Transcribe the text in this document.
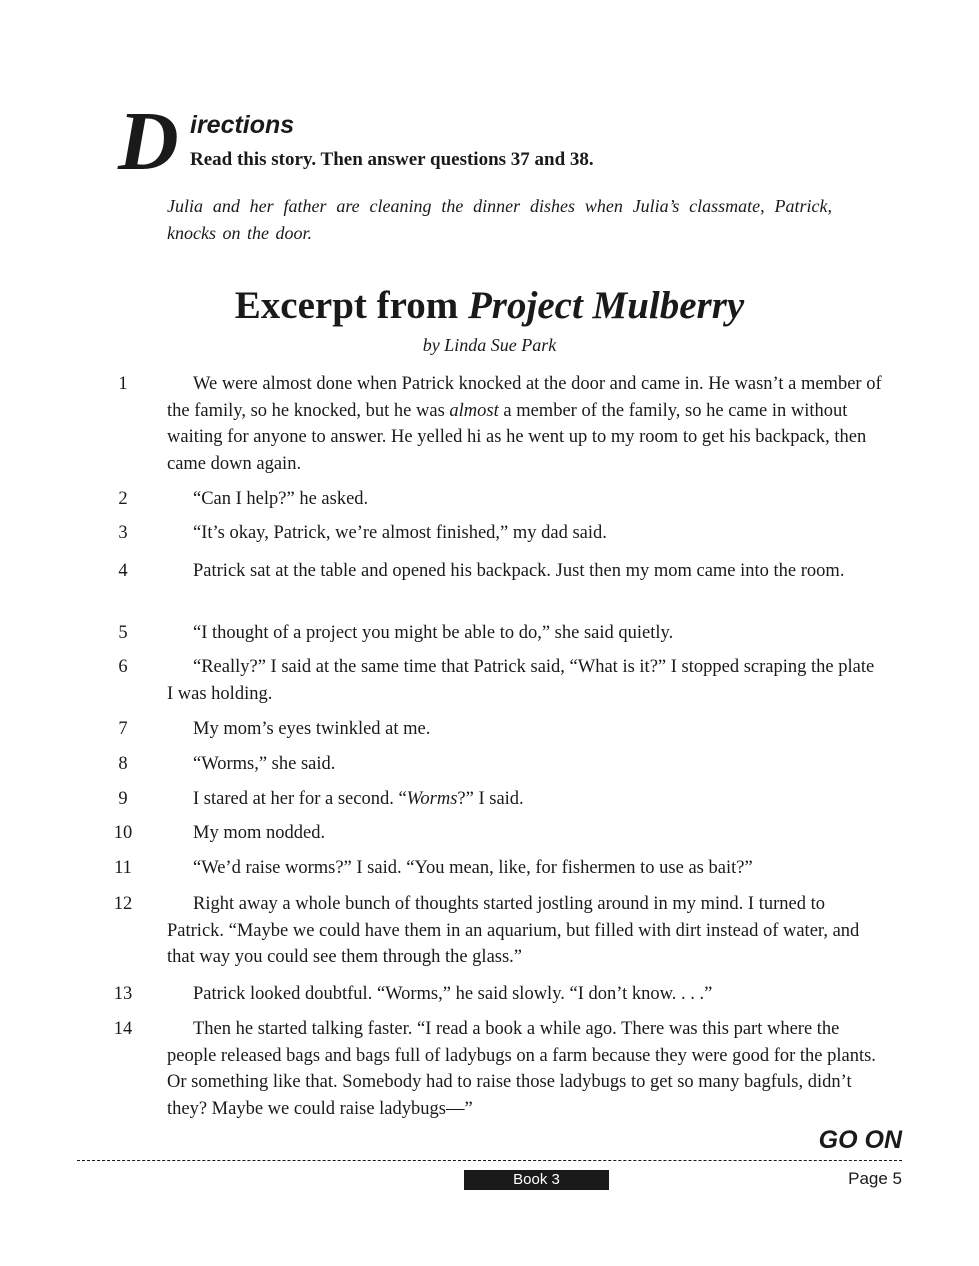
D irections
Read this story. Then answer questions 37 and 38.
Julia and her father are cleaning the dinner dishes when Julia’s classmate, Patrick, knocks on the door.
Excerpt from Project Mulberry
by Linda Sue Park
1	We were almost done when Patrick knocked at the door and came in. He wasn’t a member of the family, so he knocked, but he was almost a member of the family, so he came in without waiting for anyone to answer. He yelled hi as he went up to my room to get his backpack, then came down again.
2	“Can I help?” he asked.
3	“It’s okay, Patrick, we’re almost finished,” my dad said.
4	Patrick sat at the table and opened his backpack. Just then my mom came into the room.
5	“I thought of a project you might be able to do,” she said quietly.
6	“Really?” I said at the same time that Patrick said, “What is it?” I stopped scraping the plate I was holding.
7	My mom’s eyes twinkled at me.
8	“Worms,” she said.
9	I stared at her for a second. “Worms?” I said.
10	My mom nodded.
11	“We’d raise worms?” I said. “You mean, like, for fishermen to use as bait?”
12	Right away a whole bunch of thoughts started jostling around in my mind. I turned to Patrick. “Maybe we could have them in an aquarium, but filled with dirt instead of water, and that way you could see them through the glass.”
13	Patrick looked doubtful. “Worms,” he said slowly. “I don’t know. . . .”
14	Then he started talking faster. “I read a book a while ago. There was this part where the people released bags and bags full of ladybugs on a farm because they were good for the plants. Or something like that. Somebody had to raise those ladybugs to get so many bagfuls, didn’t they? Maybe we could raise ladybugs—”
GO ON
Book 3	Page 5
